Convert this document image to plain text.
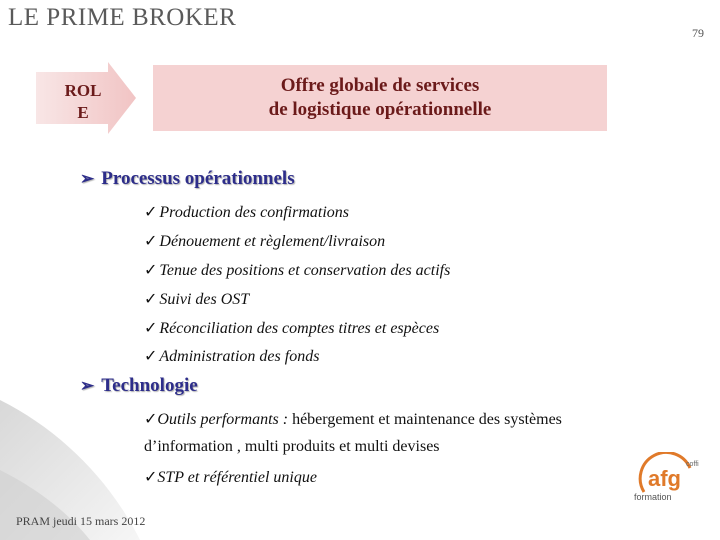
LE PRIME BROKER
79
ROL
E
Offre globale de services
de logistique opérationnelle
➢ Processus opérationnels
✓ Production des confirmations
✓ Dénouement et règlement/livraison
✓ Tenue des positions et conservation des actifs
✓ Suivi des OST
✓ Réconciliation des comptes titres et espèces
✓ Administration des fonds
➢ Technologie
✓Outils performants : hébergement et maintenance des systèmes
d’information , multi produits et multi devises
✓STP et référentiel unique
PRAM jeudi 15 mars 2012
coffi
afg
formation
